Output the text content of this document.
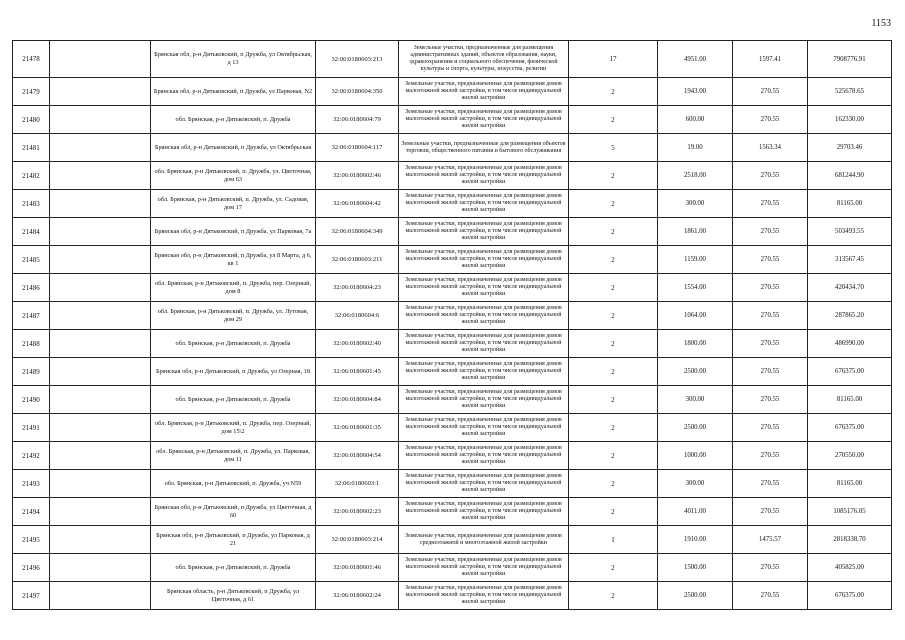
1153
21478		Брянская обл, р-н Дятьковский, п Дружба, ул Октябрьская, д 13	32:06:0180603:213	Земельные участки, предназначенные для размещения административных зданий, объектов образования, науки, здравоохранения и социального обеспечения, физической культуры и спорта, культуры, искусства, религии	17	4951.00	1597.41	7908776.91
21479		Брянская обл, р-н Дятьковский, п Дружба, ул Парковая, N2	32:06:0180604:350	Земельные участки, предназначенные для размещения домов малоэтажной жилой застройки, в том числе индивидуальной жилой застройки	2	1943.00	270.55	525678.65
21480		обл. Брянская, р-н Дятьковский, п. Дружба	32:06:0180604:79	Земельные участки, предназначенные для размещения домов малоэтажной жилой застройки, в том числе индивидуальной жилой застройки	2	600.00	270.55	162330.00
21481		Брянская обл, р-н Дятьковский, п Дружба, ул Октябрьская	32:06:0180604:117	Земельные участки, предназначенные для размещения объектов торговли, общественного питания и бытового обслуживания	5	19.00	1563.34	29703.46
21482		обл. Брянская, р-н Дятьковский, п. Дружба, ул. Цветочная, дом 63	32:06:0180602:46	Земельные участки, предназначенные для размещения домов малоэтажной жилой застройки, в том числе индивидуальной жилой застройки	2	2518.00	270.55	681244.90
21483		обл. Брянская, р-н Дятьковский, п. Дружба, ул. Садовая, дом 17	32:06:0180604:42	Земельные участки, предназначенные для размещения домов малоэтажной жилой застройки, в том числе индивидуальной жилой застройки	2	300.00	270.55	81165.00
21484		Брянская обл, р-н Дятьковский, п Дружба, ул Парковая, 7а	32:06:0180604:349	Земельные участки, предназначенные для размещения домов малоэтажной жилой застройки, в том числе индивидуальной жилой застройки	2	1861.00	270.55	503493.55
21485		Брянская обл, р-н Дятьковский, п Дружба, ул 8 Марта, д 6, кв 1	32:06:0180603:211	Земельные участки, предназначенные для размещения домов малоэтажной жилой застройки, в том числе индивидуальной жилой застройки	2	1159.00	270.55	313567.45
21486		обл. Брянская, р-н Дятьковский, п. Дружба, пер. Озерный, дом 8	32:06:0180604:23	Земельные участки, предназначенные для размещения домов малоэтажной жилой застройки, в том числе индивидуальной жилой застройки	2	1554.00	270.55	420434.70
21487		обл. Брянская, р-н Дятьковский, п. Дружба, ул. Лутовая, дом 29	32:06:0180604:6	Земельные участки, предназначенные для размещения домов малоэтажной жилой застройки, в том числе индивидуальной жилой застройки	2	1064.00	270.55	287865.20
21488		обл. Брянская, р-н Дятьковский, п. Дружба	32:06:0180602:40	Земельные участки, предназначенные для размещения домов малоэтажной жилой застройки, в том числе индивидуальной жилой застройки	2	1800.00	270.55	486990.00
21489		Брянская обл, р-н Дятьковский, п Дружба, ул Озерная, 18	32:06:0180601:45	Земельные участки, предназначенные для размещения домов малоэтажной жилой застройки, в том числе индивидуальной жилой застройки	2	2500.00	270.55	676375.00
21490		обл. Брянская, р-н Дятьковский, п. Дружба	32:06:0180604:84	Земельные участки, предназначенные для размещения домов малоэтажной жилой застройки, в том числе индивидуальной жилой застройки	2	300.00	270.55	81165.00
21491		обл. Брянская, р-н Дятьковский, п. Дружба, пер. Озерный, дом 15\2	32:06:0180601:35	Земельные участки, предназначенные для размещения домов малоэтажной жилой застройки, в том числе индивидуальной жилой застройки	2	2500.00	270.55	676375.00
21492		обл. Брянская, р-н Дятьковский, п. Дружба, ул. Парковая, дом 11	32:06:0180604:54	Земельные участки, предназначенные для размещения домов малоэтажной жилой застройки, в том числе индивидуальной жилой застройки	2	1000.00	270.55	270550.00
21493		обл. Брянская, р-н Дятьковский, п. Дружба, уч N59	32:06:0180603:1	Земельные участки, предназначенные для размещения домов малоэтажной жилой застройки, в том числе индивидуальной жилой застройки	2	300.00	270.55	81165.00
21494		Брянская обл, р-н Дятьковский, п Дружба, ул Цветочная, д 60	32:06:0180602:23	Земельные участки, предназначенные для размещения домов малоэтажной жилой застройки, в том числе индивидуальной жилой застройки	2	4011.00	270.55	1085176.05
21495		Брянская обл, р-н Дятьковский, п Дружба, ул Парковая, д 21	32:06:0180603:214	Земельные участки, предназначенные для размещения домов среднеэтажной и многоэтажной жилой застройки	1	1910.00	1475.57	2818338.70
21496		обл. Брянская, р-н Дятьковский, п. Дружба	32:06:0180601:46	Земельные участки, предназначенные для размещения домов малоэтажной жилой застройки, в том числе индивидуальной жилой застройки	2	1500.00	270.55	405825.00
21497		Брянская область, р-н Дятьковский, п Дружба, ул Цветочная, д 61	32:06:0180602:24	Земельные участки, предназначенные для размещения домов малоэтажной жилой застройки, в том числе индивидуальной жилой застройки	2	2500.00	270.55	676375.00
